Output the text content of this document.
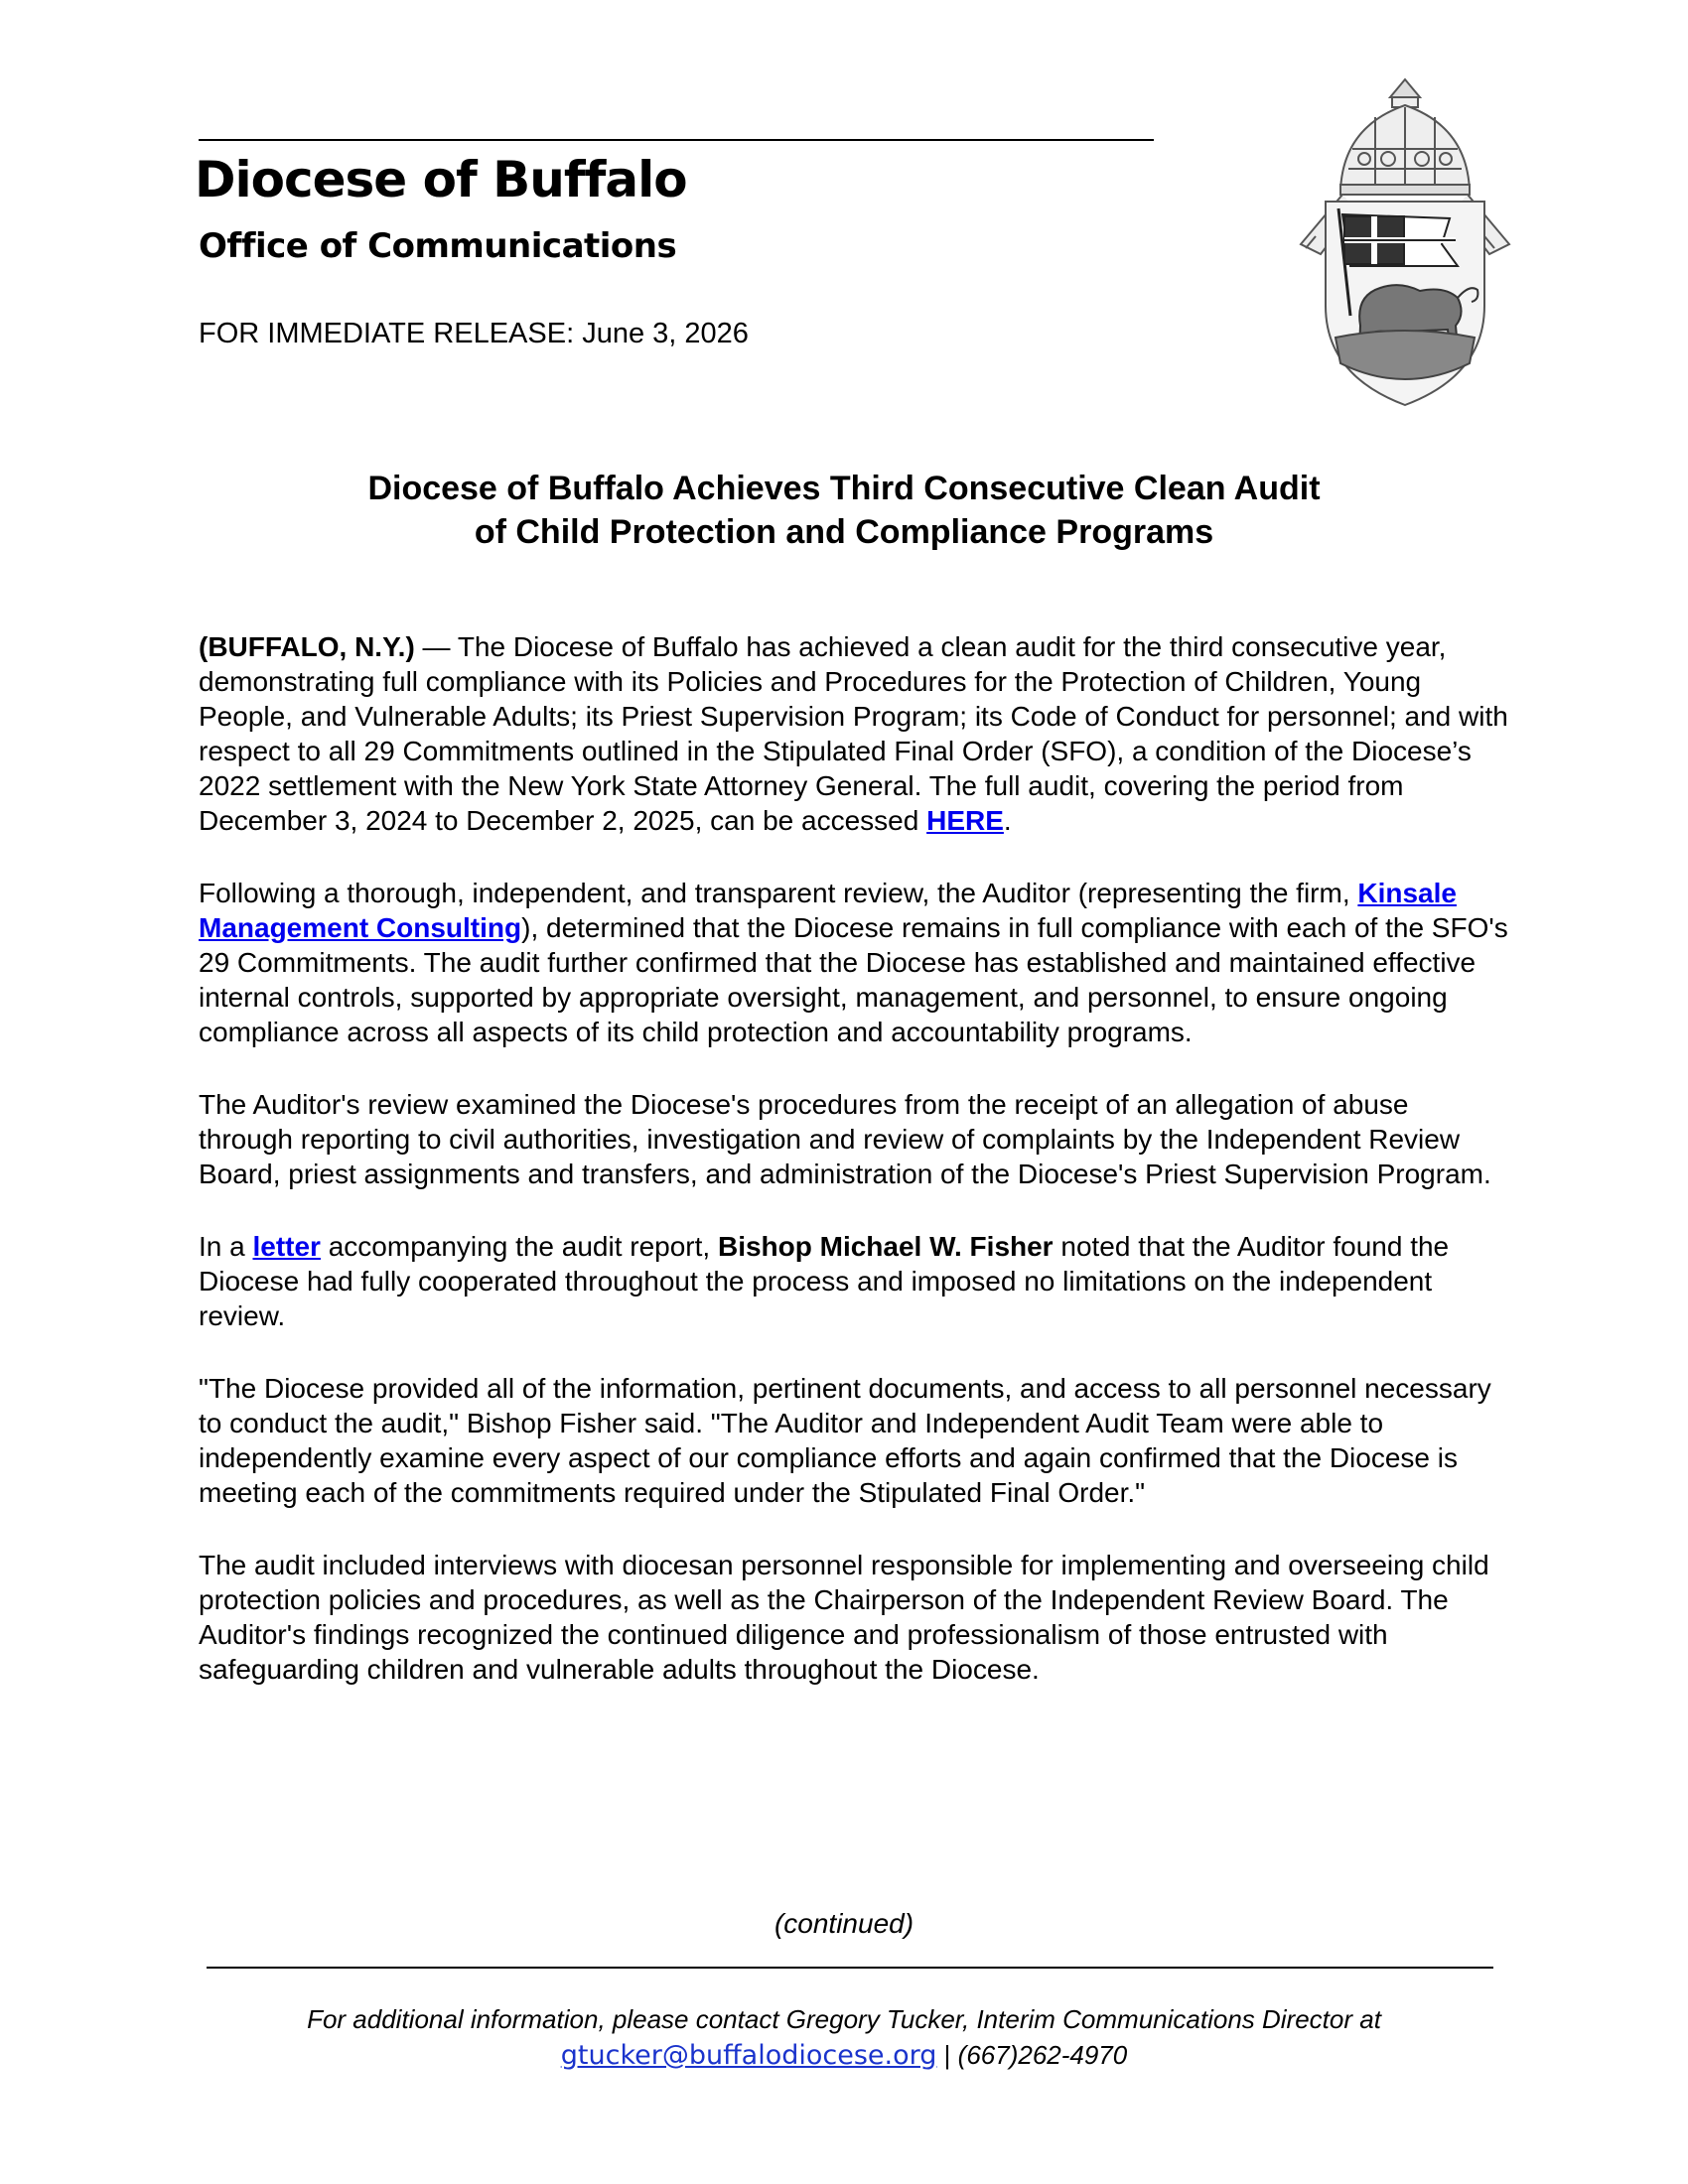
Diocese of Buffalo
Office of Communications
FOR IMMEDIATE RELEASE: June 3, 2026
Diocese of Buffalo Achieves Third Consecutive Clean Audit
of Child Protection and Compliance Programs

(BUFFALO, N.Y.) — The Diocese of Buffalo has achieved a clean audit for the third consecutive year, demonstrating full compliance with its Policies and Procedures for the Protection of Children, Young People, and Vulnerable Adults; its Priest Supervision Program; its Code of Conduct for personnel; and with respect to all 29 Commitments outlined in the Stipulated Final Order (SFO), a condition of the Diocese’s 2022 settlement with the New York State Attorney General. The full audit, covering the period from December 3, 2024 to December 2, 2025, can be accessed HERE.

Following a thorough, independent, and transparent review, the Auditor (representing the firm, Kinsale Management Consulting), determined that the Diocese remains in full compliance with each of the SFO's 29 Commitments. The audit further confirmed that the Diocese has established and maintained effective internal controls, supported by appropriate oversight, management, and personnel, to ensure ongoing compliance across all aspects of its child protection and accountability programs.

The Auditor's review examined the Diocese's procedures from the receipt of an allegation of abuse through reporting to civil authorities, investigation and review of complaints by the Independent Review Board, priest assignments and transfers, and administration of the Diocese's Priest Supervision Program.

In a letter accompanying the audit report, Bishop Michael W. Fisher noted that the Auditor found the Diocese had fully cooperated throughout the process and imposed no limitations on the independent review.

"The Diocese provided all of the information, pertinent documents, and access to all personnel necessary to conduct the audit," Bishop Fisher said. "The Auditor and Independent Audit Team were able to independently examine every aspect of our compliance efforts and again confirmed that the Diocese is meeting each of the commitments required under the Stipulated Final Order."

The audit included interviews with diocesan personnel responsible for implementing and overseeing child protection policies and procedures, as well as the Chairperson of the Independent Review Board. The Auditor's findings recognized the continued diligence and professionalism of those entrusted with safeguarding children and vulnerable adults throughout the Diocese.

(continued)
For additional information, please contact Gregory Tucker, Interim Communications Director at
gtucker@buffalodiocese.org | (667)262-4970
